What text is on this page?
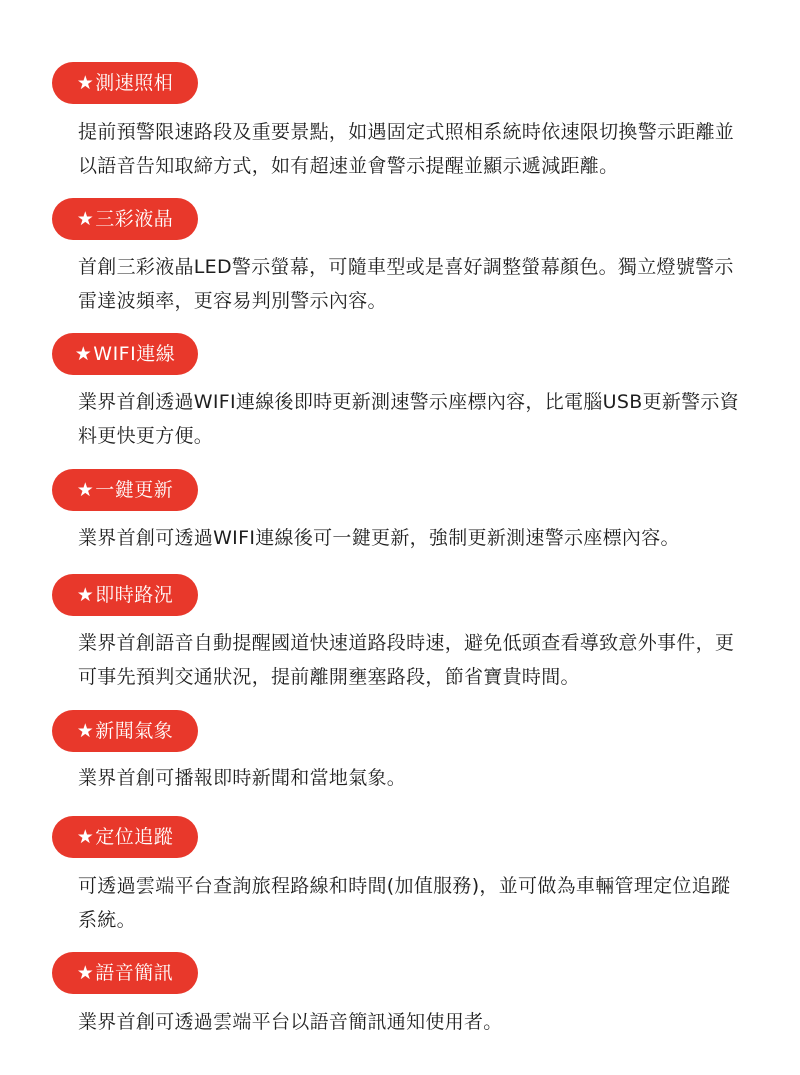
★測速照相
提前預警限速路段及重要景點，如遇固定式照相系統時依速限切換警示距離並以語音告知取締方式，如有超速並會警示提醒並顯示遞減距離。
★三彩液晶
首創三彩液晶LED警示螢幕，可隨車型或是喜好調整螢幕顏色。獨立燈號警示雷達波頻率，更容易判別警示內容。
★WIFI連線
業界首創透過WIFI連線後即時更新測速警示座標內容，比電腦USB更新警示資料更快更方便。
★一鍵更新
業界首創可透過WIFI連線後可一鍵更新，強制更新測速警示座標內容。
★即時路況
業界首創語音自動提醒國道快速道路段時速，避免低頭查看導致意外事件，更可事先預判交通狀況，提前離開壅塞路段，節省寶貴時間。
★新聞氣象
業界首創可播報即時新聞和當地氣象。
★定位追蹤
可透過雲端平台查詢旅程路線和時間(加值服務)，並可做為車輛管理定位追蹤系統。
★語音簡訊
業界首創可透過雲端平台以語音簡訊通知使用者。
